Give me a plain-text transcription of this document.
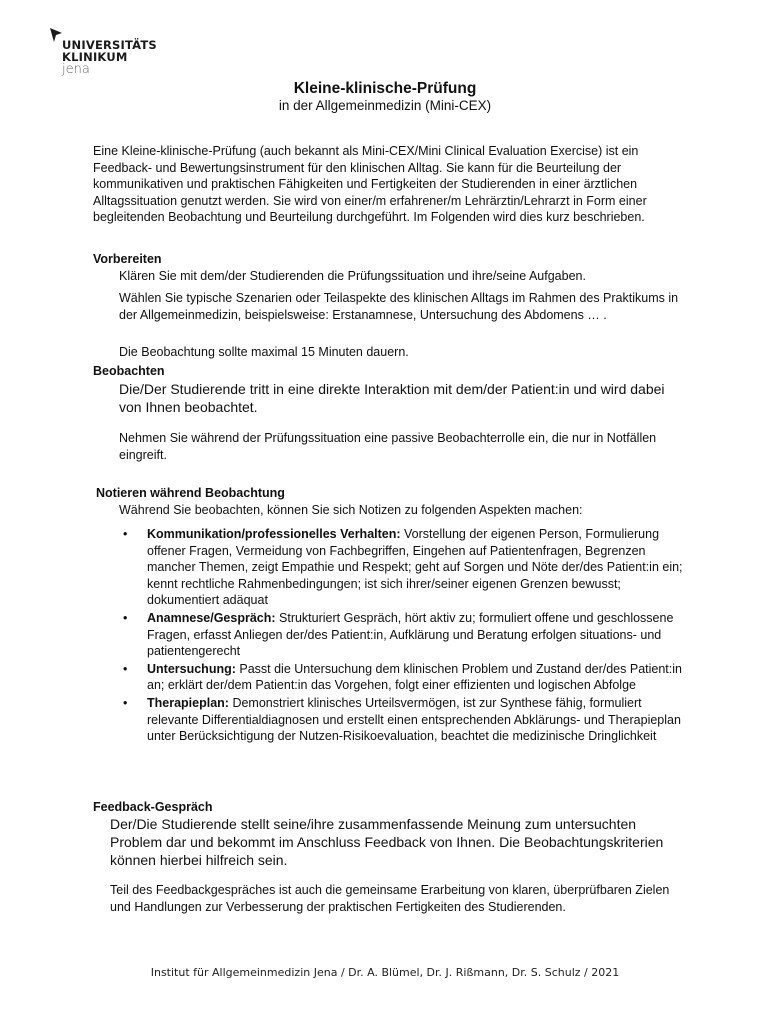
UNIVERSITÄTS
KLINIKUM
jena
Kleine-klinische-Prüfung
in der Allgemeinmedizin (Mini-CEX)
Eine Kleine-klinische-Prüfung (auch bekannt als Mini-CEX/Mini Clinical Evaluation Exercise) ist ein Feedback- und Bewertungsinstrument für den klinischen Alltag. Sie kann für die Beurteilung der kommunikativen und praktischen Fähigkeiten und Fertigkeiten der Studierenden in einer ärztlichen Alltagssituation genutzt werden. Sie wird von einer/m erfahrener/m Lehrärztin/Lehrarzt in Form einer begleitenden Beobachtung und Beurteilung durchgeführt. Im Folgenden wird dies kurz beschrieben.
Vorbereiten
Klären Sie mit dem/der Studierenden die Prüfungssituation und ihre/seine Aufgaben.
Wählen Sie typische Szenarien oder Teilaspekte des klinischen Alltags im Rahmen des Praktikums in der Allgemeinmedizin, beispielsweise: Erstanamnese, Untersuchung des Abdomens … .
Die Beobachtung sollte maximal 15 Minuten dauern.
Beobachten
Die/Der Studierende tritt in eine direkte Interaktion mit dem/der Patient:in und wird dabei von Ihnen beobachtet.
Nehmen Sie während der Prüfungssituation eine passive Beobachterrolle ein, die nur in Notfällen eingreift.
Notieren während Beobachtung
Während Sie beobachten, können Sie sich Notizen zu folgenden Aspekten machen:
• Kommunikation/professionelles Verhalten: Vorstellung der eigenen Person, Formulierung offener Fragen, Vermeidung von Fachbegriffen, Eingehen auf Patientenfragen, Begrenzen mancher Themen, zeigt Empathie und Respekt; geht auf Sorgen und Nöte der/des Patient:in ein; kennt rechtliche Rahmenbedingungen; ist sich ihrer/seiner eigenen Grenzen bewusst; dokumentiert adäquat
• Anamnese/Gespräch: Strukturiert Gespräch, hört aktiv zu; formuliert offene und geschlossene Fragen, erfasst Anliegen der/des Patient:in, Aufklärung und Beratung erfolgen situations- und patientengerecht
• Untersuchung: Passt die Untersuchung dem klinischen Problem und Zustand der/des Patient:in an; erklärt der/dem Patient:in das Vorgehen, folgt einer effizienten und logischen Abfolge
• Therapieplan: Demonstriert klinisches Urteilsvermögen, ist zur Synthese fähig, formuliert relevante Differentialdiagnosen und erstellt einen entsprechenden Abklärungs- und Therapieplan unter Berücksichtigung der Nutzen-Risikoevaluation, beachtet die medizinische Dringlichkeit
Feedback-Gespräch
Der/Die Studierende stellt seine/ihre zusammenfassende Meinung zum untersuchten Problem dar und bekommt im Anschluss Feedback von Ihnen. Die Beobachtungskriterien können hierbei hilfreich sein.
Teil des Feedbackgespräches ist auch die gemeinsame Erarbeitung von klaren, überprüfbaren Zielen und Handlungen zur Verbesserung der praktischen Fertigkeiten des Studierenden.
Institut für Allgemeinmedizin Jena / Dr. A. Blümel, Dr. J. Rißmann, Dr. S. Schulz / 2021
